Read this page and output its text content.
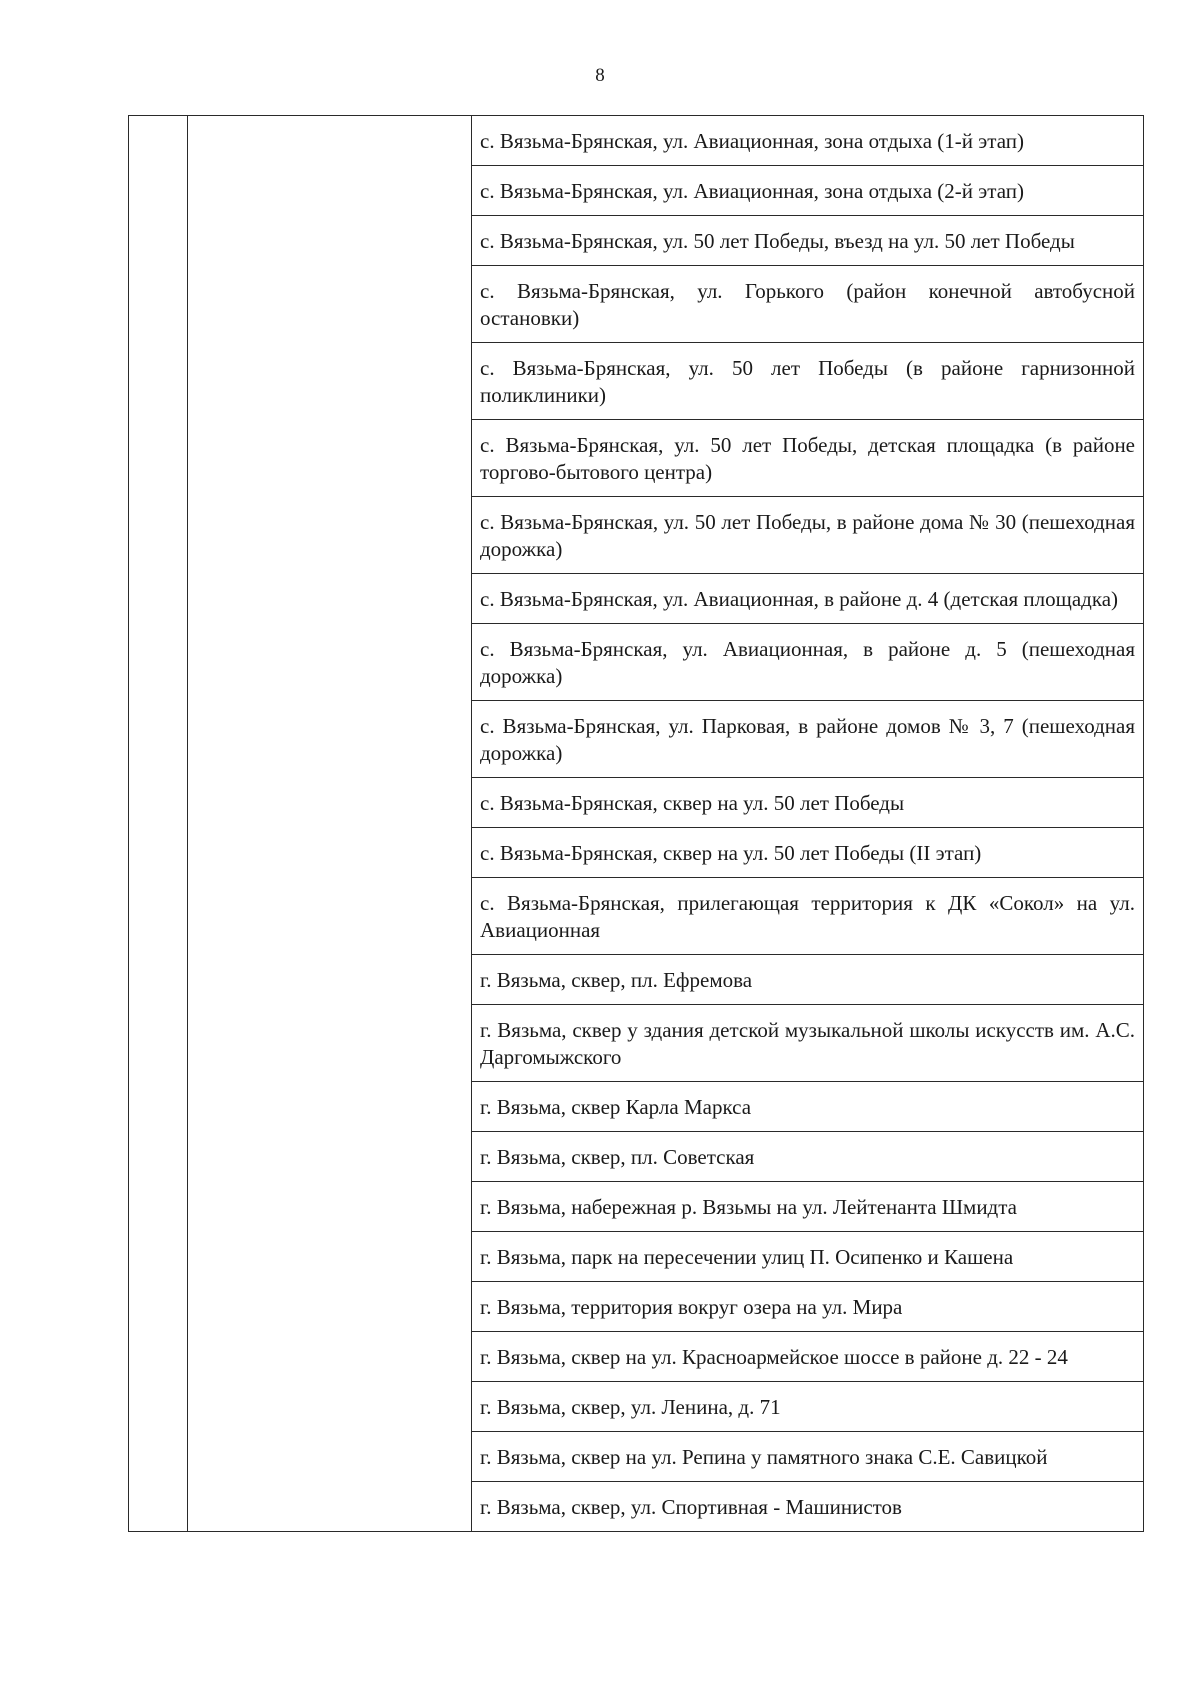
8

с. Вязьма-Брянская, ул. Авиационная, зона отдыха (1-й этап)
с. Вязьма-Брянская, ул. Авиационная, зона отдыха (2-й этап)
с. Вязьма-Брянская, ул. 50 лет Победы, въезд на ул. 50 лет Победы
с. Вязьма-Брянская, ул. Горького (район конечной автобусной остановки)
с. Вязьма-Брянская, ул. 50 лет Победы (в районе гарнизонной поликлиники)
с. Вязьма-Брянская, ул. 50 лет Победы, детская площадка (в районе торгово-бытового центра)
с. Вязьма-Брянская, ул. 50 лет Победы, в районе дома № 30 (пешеходная дорожка)
с. Вязьма-Брянская, ул. Авиационная, в районе д. 4 (детская площадка)
с. Вязьма-Брянская, ул. Авиационная, в районе д. 5 (пешеходная дорожка)
с. Вязьма-Брянская, ул. Парковая, в районе домов № 3, 7 (пешеходная дорожка)
с. Вязьма-Брянская, сквер на ул. 50 лет Победы
с. Вязьма-Брянская, сквер на ул. 50 лет Победы (II этап)
с. Вязьма-Брянская, прилегающая территория к ДК «Сокол» на ул. Авиационная
г. Вязьма, сквер, пл. Ефремова
г. Вязьма, сквер у здания детской музыкальной школы искусств им. А.С. Даргомыжского
г. Вязьма, сквер Карла Маркса
г. Вязьма, сквер, пл. Советская
г. Вязьма, набережная р. Вязьмы на ул. Лейтенанта Шмидта
г. Вязьма, парк на пересечении улиц П. Осипенко и Кашена
г. Вязьма, территория вокруг озера на ул. Мира
г. Вязьма, сквер на ул. Красноармейское шоссе в районе д. 22 - 24
г. Вязьма, сквер, ул. Ленина, д. 71
г. Вязьма, сквер на ул. Репина у памятного знака С.Е. Савицкой
г. Вязьма, сквер, ул. Спортивная - Машинистов
